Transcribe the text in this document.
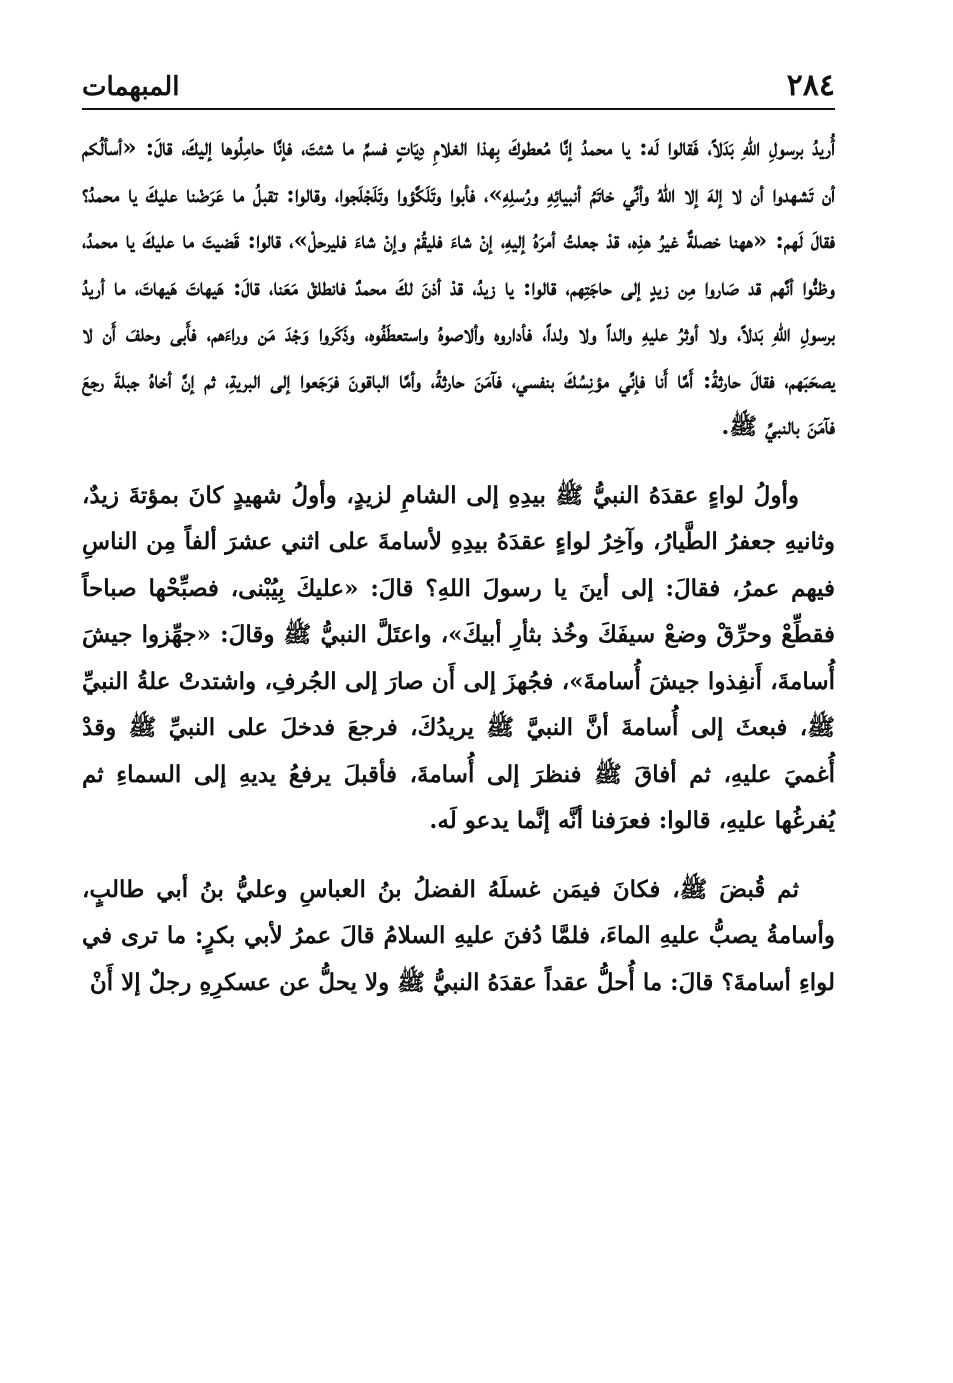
٢٨٤
المبهمات

أُريدُ برسولِ اللهِ بَدَلاً، فَقالوا لَه: يا محمدُ إنَّا مُعطوكَ بِهذا الغلامِ دِيَاتٍ فسمِّ ما شئتَ، فإنَّا حامِلُوها إليكَ، قالَ: «أسألُكم أن تَشهدوا أن لا إلهَ إلا اللهُ وأنِّي خاتَمُ أنبيائِهِ ورُسلِهِ»، فأبوا وتَلَكَّؤوا وتَلَجْلَجوا، وقالوا: تقبلُ ما عَرَضْنا عليكَ يا محمدُ؟ فقالَ لَهم: «ههنا خصلةٌ غيرُ هذِه، قدْ جعلتُ أمرَهُ إليهِ، إنْ شاءَ فليقُمْ وإنْ شاءَ فليرحلْ»، قالوا: قَضيتَ ما عليكَ يا محمدُ، وظنُّوا أنَّهم قد صَاروا مِن زيدٍ إلى حاجَتِهم، قالوا: يا زيدُ، قدْ أذنَ لكَ محمدٌ فانطلقْ مَعَنا، قالَ: هَيهاتَ هَيهاتَ، ما أريدُ برسولِ اللهِ بَدلاً، ولا أوثرُ عليهِ والداً ولا ولداً، فأداروه وألاصوهُ واستعطَفُوه، وذَكَروا وَجْدَ مَن وراءَهم، فأَبى وحلفَ أَن لا يصحَبَهم، فقالَ حارثةُ: أَمَّا أَنا فإنِّي مؤنِسُكَ بنفسي، فآمَنَ حارثةُ، وأمَّا الباقونَ فرَجَعوا إلى البريةِ، ثم إنَّ أخاهُ جبلةَ رجعَ فآمَنَ بالنبيِّ ﷺ.

وأولُ لواءٍ عقدَهُ النبيُّ ﷺ بيدِهِ إلى الشامِ لزيدٍ، وأولُ شهيدٍ كانَ بمؤتةَ زيدٌ، وثانيهِ جعفرُ الطَّيارُ، وآخِرُ لواءٍ عقدَهُ بيدِهِ لأسامةَ على اثني عشرَ ألفاً مِن الناسِ فيهم عمرُ، فقالَ: إلى أينَ يا رسولَ اللهِ؟ قالَ: «عليكَ بِيُبْنى، فصبِّحْها صباحاً فقطِّعْ وحرِّقْ وضعْ سيفَكَ وخُذ بثأرِ أبيكَ»، واعتَلَّ النبيُّ ﷺ وقالَ: «جهِّزوا جيشَ أُسامةَ، أَنفِذوا جيشَ أُسامةَ»، فجُهزَ إلى أَن صارَ إلى الجُرفِ، واشتدتْ علةُ النبيِّ ﷺ، فبعثَ إلى أُسامةَ أنَّ النبيَّ ﷺ يريدُكَ، فرجعَ فدخلَ على النبيِّ ﷺ وقدْ أُغميَ عليهِ، ثم أفاقَ ﷺ فنظرَ إلى أُسامةَ، فأقبلَ يرفعُ يديهِ إلى السماءِ ثم يُفرغُها عليهِ، قالوا: فعرَفنا أنَّه إنَّما يدعو لَه.

ثم قُبضَ ﷺ، فكانَ فيمَن غسلَهُ الفضلُ بنُ العباسِ وعليُّ بنُ أبي طالبٍ، وأسامةُ يصبُّ عليهِ الماءَ، فلمَّا دُفنَ عليهِ السلامُ قالَ عمرُ لأبي بكرٍ: ما ترى في لواءِ أسامةَ؟ قالَ: ما أُحلُّ عقداً عقدَهُ النبيُّ ﷺ ولا يحلُّ عن عسكرِهِ رجلٌ إلا أَنْ
